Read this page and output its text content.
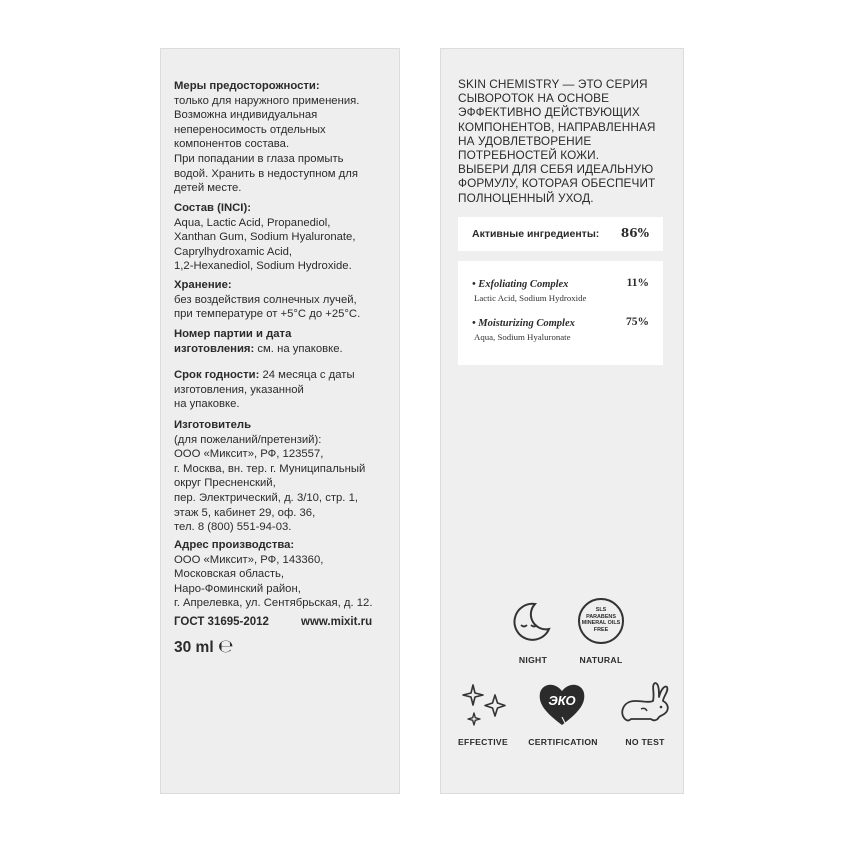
Меры предосторожности:
только для наружного применения.
Возможна индивидуальная
непереносимость отдельных
компонентов состава.
При попадании в глаза промыть
водой. Хранить в недоступном для
детей месте.
Состав (INCI):
Aqua, Lactic Acid, Propanediol,
Xanthan Gum, Sodium Hyaluronate,
Caprylhydroxamic Acid,
1,2-Hexanediol, Sodium Hydroxide.
Хранение:
без воздействия солнечных лучей,
при температуре от +5°С до +25°С.
Номер партии и дата
изготовления: см. на упаковке.
Срок годности: 24 месяца с даты
изготовления, указанной
на упаковке.
Изготовитель
(для пожеланий/претензий):
ООО «Миксит», РФ, 123557,
г. Москва, вн. тер. г. Муниципальный
округ Пресненский,
пер. Электрический, д. 3/10, стр. 1,
этаж 5, кабинет 29, оф. 36,
тел. 8 (800) 551-94-03.
Адрес производства:
ООО «Миксит», РФ, 143360,
Московская область,
Наро-Фоминский район,
г. Апрелевка, ул. Сентябрьская, д. 12.
ГОСТ 31695-2012	www.mixit.ru
30 ml ℮
SKIN CHEMISTRY — ЭТО СЕРИЯ
СЫВОРОТОК НА ОСНОВЕ
ЭФФЕКТИВНО ДЕЙСТВУЮЩИХ
КОМПОНЕНТОВ, НАПРАВЛЕННАЯ
НА УДОВЛЕТВОРЕНИЕ
ПОТРЕБНОСТЕЙ КОЖИ.
ВЫБЕРИ ДЛЯ СЕБЯ ИДЕАЛЬНУЮ
ФОРМУЛУ, КОТОРАЯ ОБЕСПЕЧИТ
ПОЛНОЦЕННЫЙ УХОД.
Активные ингредиенты: 86%
• Exfoliating Complex	11%
Lactic Acid, Sodium Hydroxide
• Moisturizing Complex	75%
Aqua, Sodium Hyaluronate
NIGHT
SLS
PARABENS
MINERAL OILS
FREE
NATURAL
EFFECTIVE
ЭКО
CERTIFICATION	NO TEST
